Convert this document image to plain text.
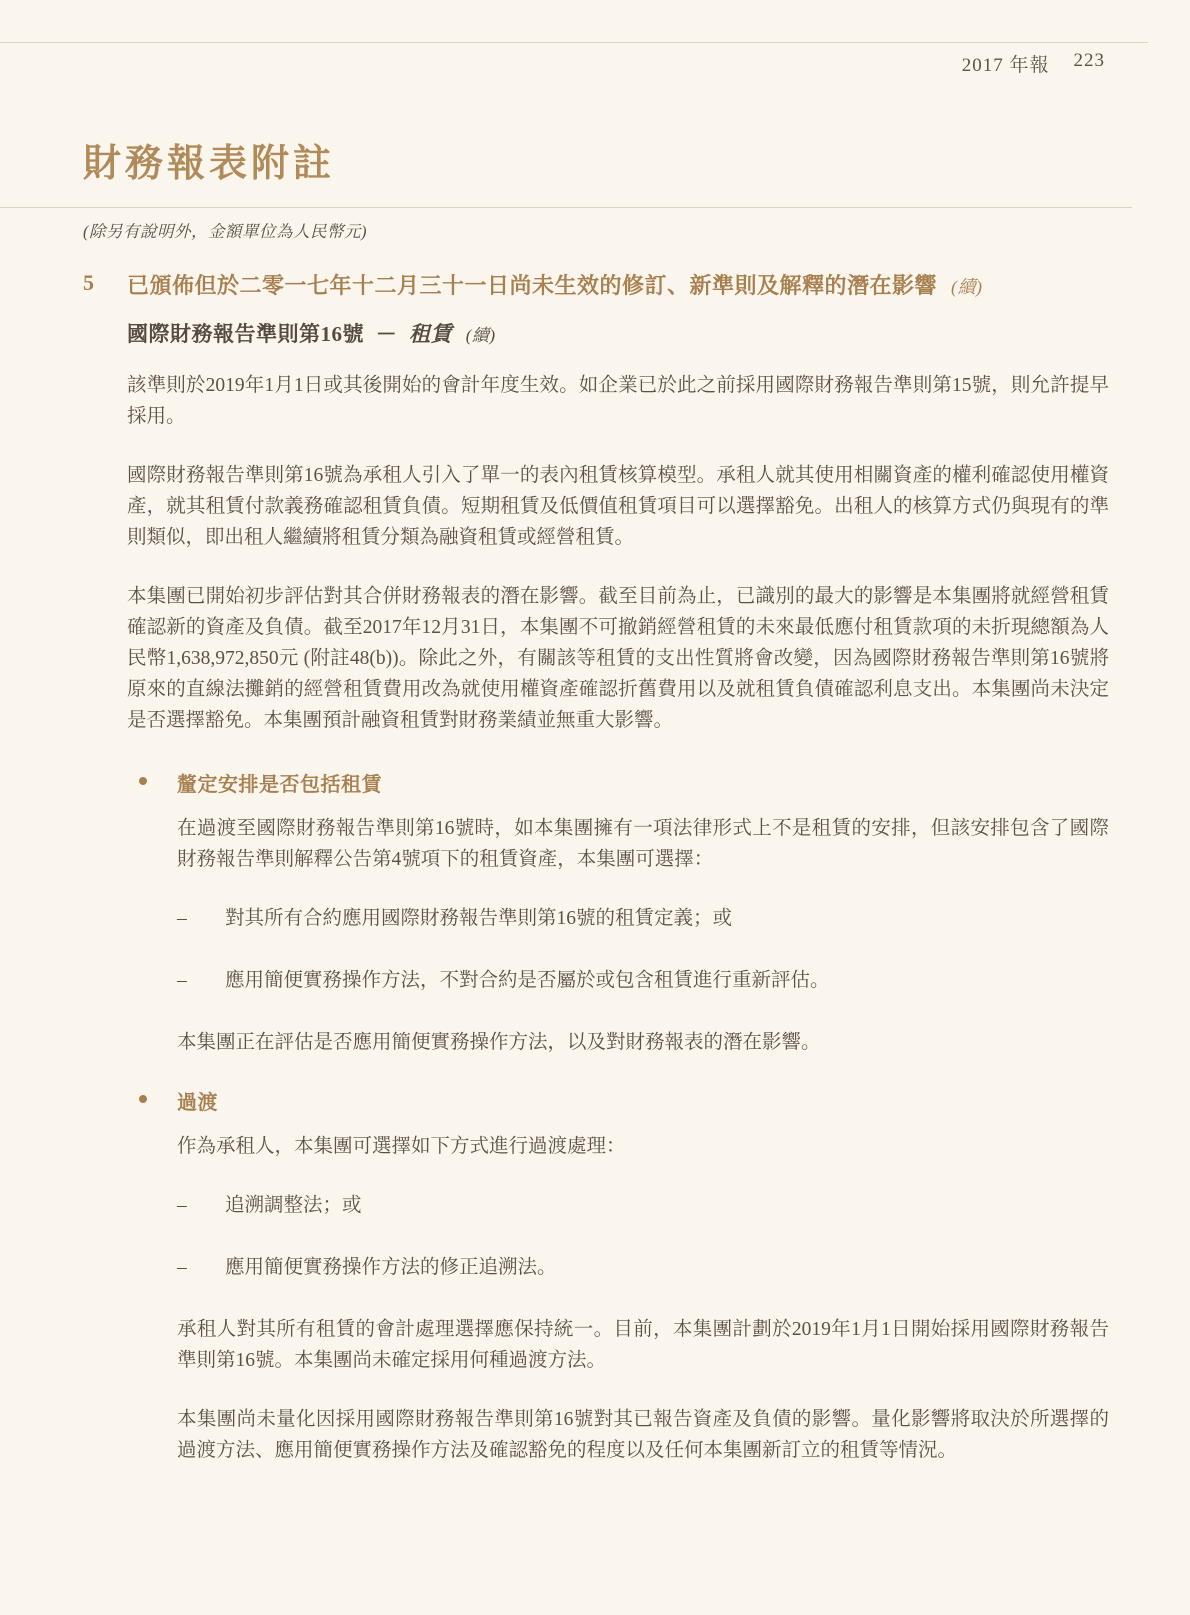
2017 年報 223
財務報表附註
(除另有說明外，金額單位為人民幣元)
5	已頒佈但於二零一七年十二月三十一日尚未生效的修訂、新準則及解釋的潛在影響 (續)
國際財務報告準則第16號 － 租賃 (續)

該準則於2019年1月1日或其後開始的會計年度生效。如企業已於此之前採用國際財務報告準則第15號，則允許提早採用。

國際財務報告準則第16號為承租人引入了單一的表內租賃核算模型。承租人就其使用相關資產的權利確認使用權資產，就其租賃付款義務確認租賃負債。短期租賃及低價值租賃項目可以選擇豁免。出租人的核算方式仍與現有的準則類似，即出租人繼續將租賃分類為融資租賃或經營租賃。

本集團已開始初步評估對其合併財務報表的潛在影響。截至目前為止，已識別的最大的影響是本集團將就經營租賃確認新的資產及負債。截至2017年12月31日，本集團不可撤銷經營租賃的未來最低應付租賃款項的未折現總額為人民幣1,638,972,850元 (附註48(b))。除此之外，有關該等租賃的支出性質將會改變，因為國際財務報告準則第16號將原來的直線法攤銷的經營租賃費用改為就使用權資產確認折舊費用以及就租賃負債確認利息支出。本集團尚未決定是否選擇豁免。本集團預計融資租賃對財務業績並無重大影響。

釐定安排是否包括租賃

在過渡至國際財務報告準則第16號時，如本集團擁有一項法律形式上不是租賃的安排，但該安排包含了國際財務報告準則解釋公告第4號項下的租賃資產，本集團可選擇：

–	對其所有合約應用國際財務報告準則第16號的租賃定義；或
–	應用簡便實務操作方法，不對合約是否屬於或包含租賃進行重新評估。

本集團正在評估是否應用簡便實務操作方法，以及對財務報表的潛在影響。

過渡

作為承租人，本集團可選擇如下方式進行過渡處理：

–	追溯調整法；或
–	應用簡便實務操作方法的修正追溯法。

承租人對其所有租賃的會計處理選擇應保持統一。目前，本集團計劃於2019年1月1日開始採用國際財務報告準則第16號。本集團尚未確定採用何種過渡方法。

本集團尚未量化因採用國際財務報告準則第16號對其已報告資產及負債的影響。量化影響將取決於所選擇的過渡方法、應用簡便實務操作方法及確認豁免的程度以及任何本集團新訂立的租賃等情況。
